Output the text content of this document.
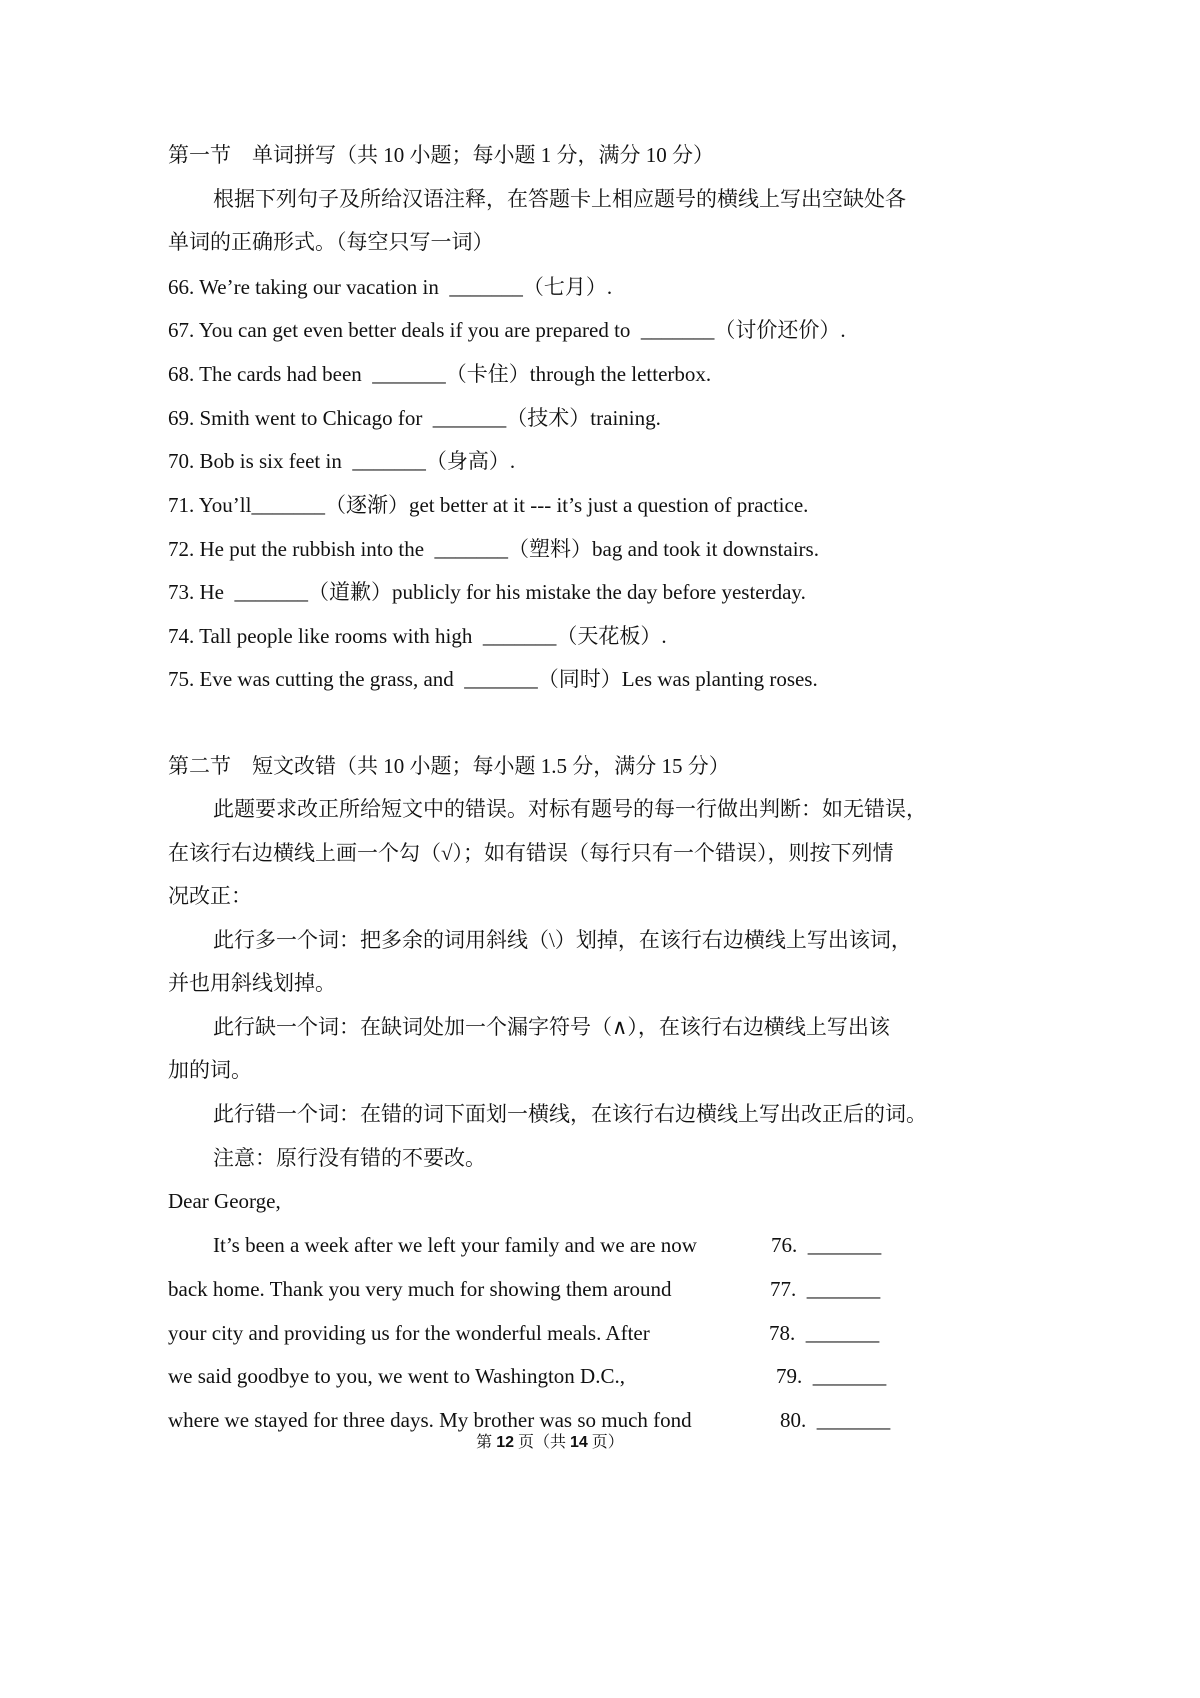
第一节　单词拼写（共 10 小题；每小题 1 分，满分 10 分）
根据下列句子及所给汉语注释，在答题卡上相应题号的横线上写出空缺处各
单词的正确形式。（每空只写一词）
66. We’re taking our vacation in  _______（七月）.
67. You can get even better deals if you are prepared to  _______（讨价还价）.
68. The cards had been  _______（卡住）through the letterbox.
69. Smith went to Chicago for  _______（技术）training.
70. Bob is six feet in  _______（身高）.
71. You’ll_______（逐渐）get better at it --- it’s just a question of practice.
72. He put the rubbish into the  _______（塑料）bag and took it downstairs.
73. He  _______（道歉）publicly for his mistake the day before yesterday.
74. Tall people like rooms with high  _______（天花板）.
75. Eve was cutting the grass, and  _______（同时）Les was planting roses.
第二节　短文改错（共 10 小题；每小题 1.5 分，满分 15 分）
此题要求改正所给短文中的错误。对标有题号的每一行做出判断：如无错误，
在该行右边横线上画一个勾（√）；如有错误（每行只有一个错误），则按下列情
况改正：
此行多一个词：把多余的词用斜线（\）划掉，在该行右边横线上写出该词，
并也用斜线划掉。
此行缺一个词：在缺词处加一个漏字符号（∧），在该行右边横线上写出该
加的词。
此行错一个词：在错的词下面划一横线，在该行右边横线上写出改正后的词。
注意：原行没有错的不要改。
Dear George,
It’s been a week after we left your family and we are now	76.  _______
back home. Thank you very much for showing them around	77.  _______
your city and providing us for the wonderful meals. After	78.  _______
we said goodbye to you, we went to Washington D.C.,	79.  _______
where we stayed for three days. My brother was so much fond	80.  _______
第 12 页（共 14 页）
